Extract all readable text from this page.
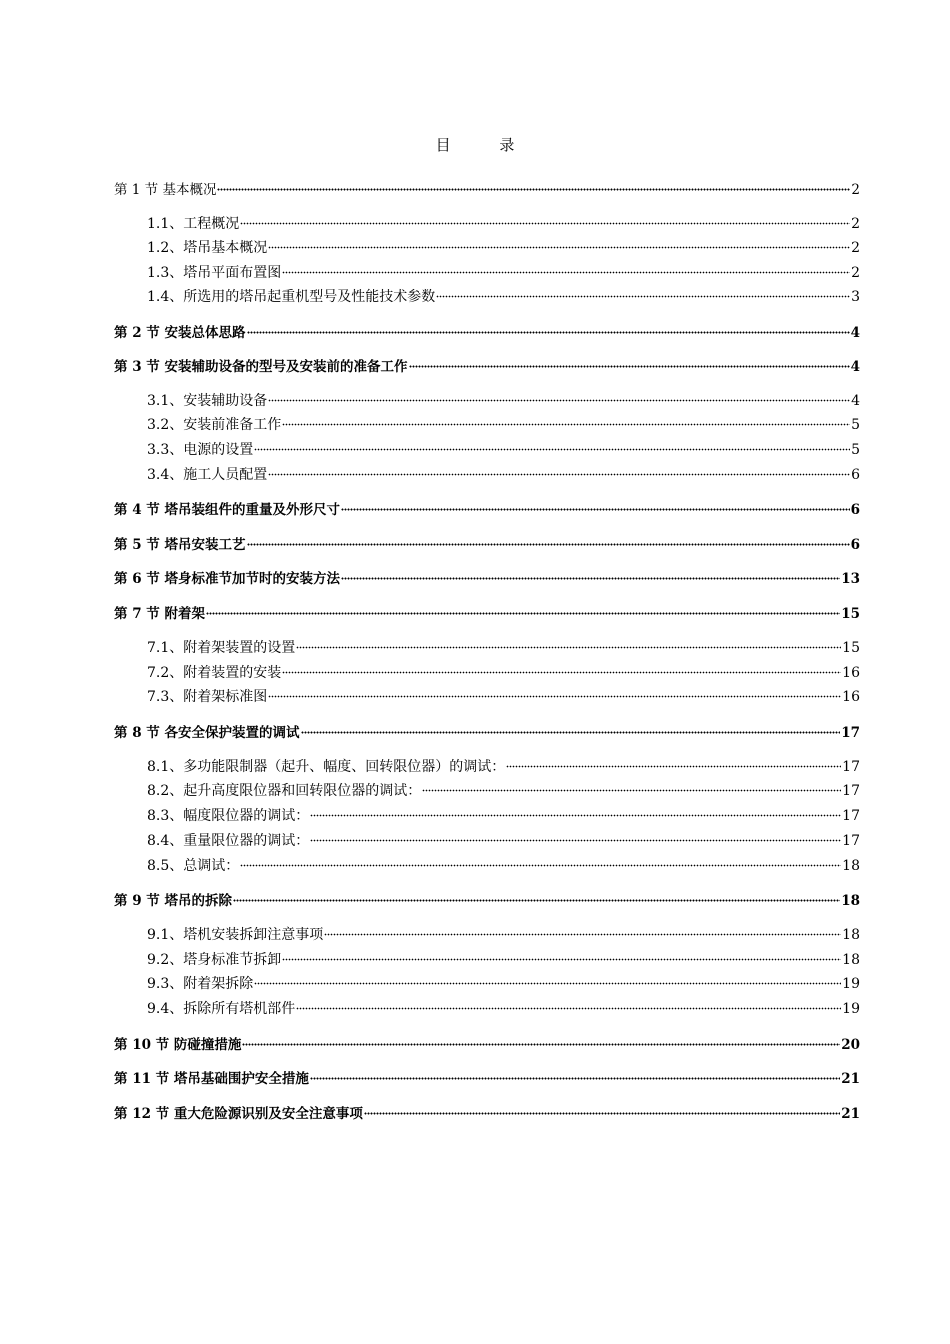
目 录
第 1 节 基本概况	2
1.1、工程概况	2
1.2、塔吊基本概况	2
1.3、塔吊平面布置图	2
1.4、所选用的塔吊起重机型号及性能技术参数	3
第 2 节 安装总体思路	4
第 3 节 安装辅助设备的型号及安装前的准备工作	4
3.1、安装辅助设备	4
3.2、安装前准备工作	5
3.3、电源的设置	5
3.4、施工人员配置	6
第 4 节 塔吊装组件的重量及外形尺寸	6
第 5 节 塔吊安装工艺	6
第 6 节 塔身标准节加节时的安装方法	13
第 7 节 附着架	15
7.1、附着架装置的设置	15
7.2、附着装置的安装	16
7.3、附着架标准图	16
第 8 节 各安全保护装置的调试	17
8.1、多功能限制器（起升、幅度、回转限位器）的调试：	17
8.2、起升高度限位器和回转限位器的调试：	17
8.3、幅度限位器的调试：	17
8.4、重量限位器的调试：	17
8.5、总调试：	18
第 9 节 塔吊的拆除	18
9.1、塔机安装拆卸注意事项	18
9.2、塔身标准节拆卸	18
9.3、附着架拆除	19
9.4、拆除所有塔机部件	19
第 10 节 防碰撞措施	20
第 11 节 塔吊基础围护安全措施	21
第 12 节 重大危险源识别及安全注意事项	21
